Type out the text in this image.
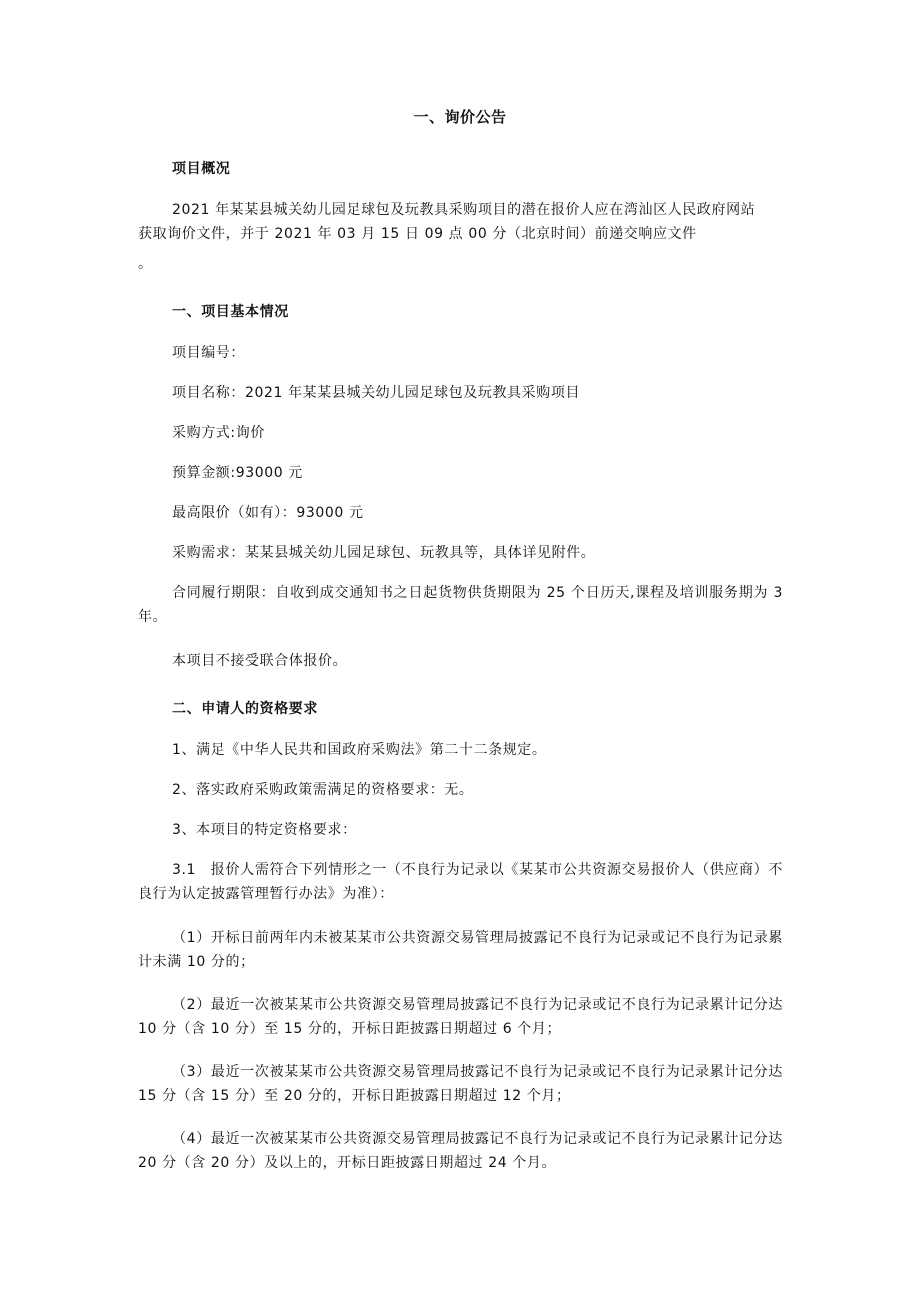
一、询价公告
项目概况
2021 年某某县城关幼儿园足球包及玩教具采购项目的潜在报价人应在湾汕区人民政府网站
获取询价文件，并于 2021 年 03 月 15 日 09 点 00 分（北京时间）前递交响应文件
。
一、项目基本情况
项目编号：
项目名称：2021 年某某县城关幼儿园足球包及玩教具采购项目
采购方式:询价
预算金额:93000 元
最高限价（如有）：93000 元
采购需求：某某县城关幼儿园足球包、玩教具等，具体详见附件。
合同履行期限：自收到成交通知书之日起货物供货期限为 25 个日历天,课程及培训服务期为 3 年。
本项目不接受联合体报价。
二、申请人的资格要求
1、满足《中华人民共和国政府采购法》第二十二条规定。
2、落实政府采购政策需满足的资格要求：无。
3、本项目的特定资格要求：
3.1　报价人需符合下列情形之一（不良行为记录以《某某市公共资源交易报价人（供应商）不良行为认定披露管理暂行办法》为准）：
（1）开标日前两年内未被某某市公共资源交易管理局披露记不良行为记录或记不良行为记录累计未满 10 分的；
（2）最近一次被某某市公共资源交易管理局披露记不良行为记录或记不良行为记录累计记分达 10 分（含 10 分）至 15 分的，开标日距披露日期超过 6 个月；
（3）最近一次被某某市公共资源交易管理局披露记不良行为记录或记不良行为记录累计记分达 15 分（含 15 分）至 20 分的，开标日距披露日期超过 12 个月；
（4）最近一次被某某市公共资源交易管理局披露记不良行为记录或记不良行为记录累计记分达 20 分（含 20 分）及以上的，开标日距披露日期超过 24 个月。
